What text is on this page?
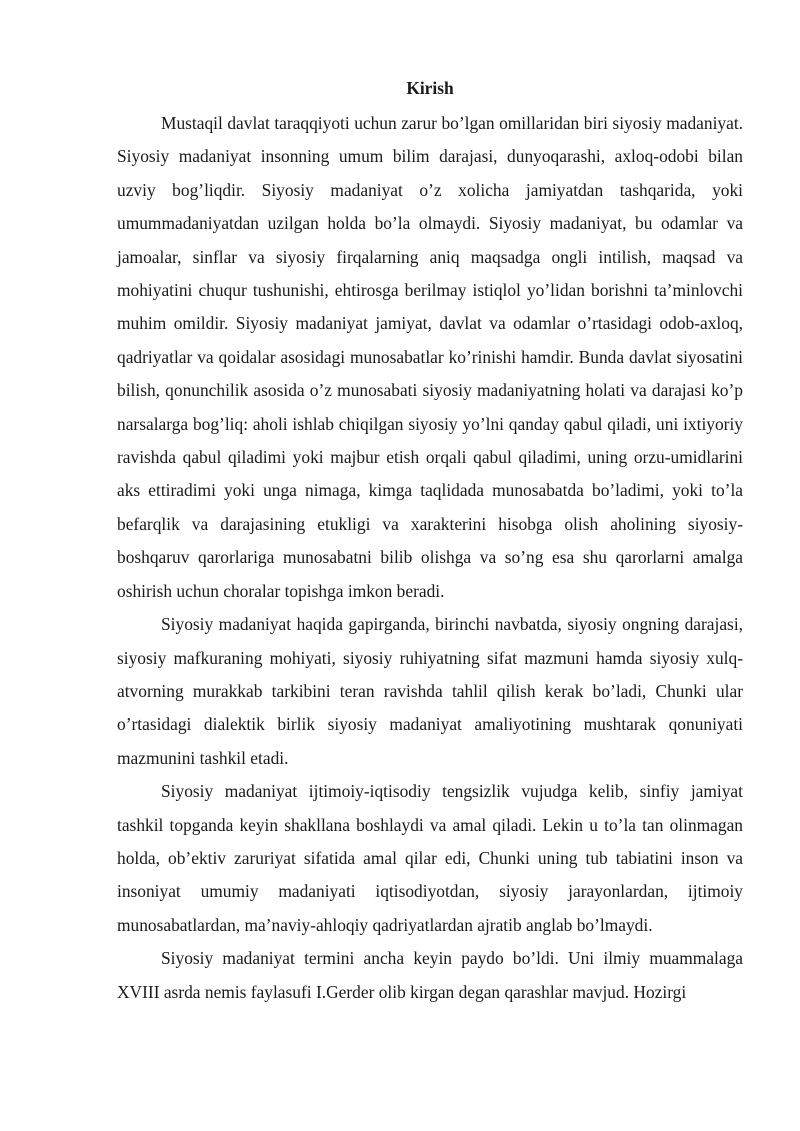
Kirish

Mustaqil davlat taraqqiyoti uchun zarur bo’lgan omillaridan biri siyosiy madaniyat. Siyosiy madaniyat insonning umum bilim darajasi, dunyoqarashi, axloq-odobi bilan uzviy bog’liqdir. Siyosiy madaniyat o’z xolicha jamiyatdan tashqarida, yoki umummadaniyatdan uzilgan holda bo’la olmaydi. Siyosiy madaniyat, bu odamlar va jamoalar, sinflar va siyosiy firqalarning aniq maqsadga ongli intilish, maqsad va mohiyatini chuqur tushunishi, ehtirosga berilmay istiqlol yo’lidan borishni ta’minlovchi muhim omildir. Siyosiy madaniyat jamiyat, davlat va odamlar o’rtasidagi odob-axloq, qadriyatlar va qoidalar asosidagi munosabatlar ko’rinishi hamdir. Bunda davlat siyosatini bilish, qonunchilik asosida o’z munosabati siyosiy madaniyatning holati va darajasi ko’p narsalarga bog’liq: aholi ishlab chiqilgan siyosiy yo’lni qanday qabul qiladi, uni ixtiyoriy ravishda qabul qiladimi yoki majbur etish orqali qabul qiladimi, uning orzu-umidlarini aks ettiradimi yoki unga nimaga, kimga taqlidada munosabatda bo’ladimi, yoki to’la befarqlik va darajasining etukligi va xarakterini hisobga olish aholining siyosiy-boshqaruv qarorlariga munosabatni bilib olishga va so’ng esa shu qarorlarni amalga oshirish uchun choralar topishga imkon beradi.

Siyosiy madaniyat haqida gapirganda, birinchi navbatda, siyosiy ongning darajasi, siyosiy mafkuraning mohiyati, siyosiy ruhiyatning sifat mazmuni hamda siyosiy xulq-atvorning murakkab tarkibini teran ravishda tahlil qilish kerak bo’ladi, Chunki ular o’rtasidagi dialektik birlik siyosiy madaniyat amaliyotining mushtarak qonuniyati mazmunini tashkil etadi.

Siyosiy madaniyat ijtimoiy-iqtisodiy tengsizlik vujudga kelib, sinfiy jamiyat tashkil topganda keyin shakllana boshlaydi va amal qiladi. Lekin u to’la tan olinmagan holda, ob’ektiv zaruriyat sifatida amal qilar edi, Chunki uning tub tabiatini inson va insoniyat umumiy madaniyati iqtisodiyotdan, siyosiy jarayonlardan, ijtimoiy munosabatlardan, ma’naviy-ahloqiy qadriyatlardan ajratib anglab bo’lmaydi.

Siyosiy madaniyat termini ancha keyin paydo bo’ldi. Uni ilmiy muammalaga XVIII asrda nemis faylasufi I.Gerder olib kirgan degan qarashlar mavjud. Hozirgi
